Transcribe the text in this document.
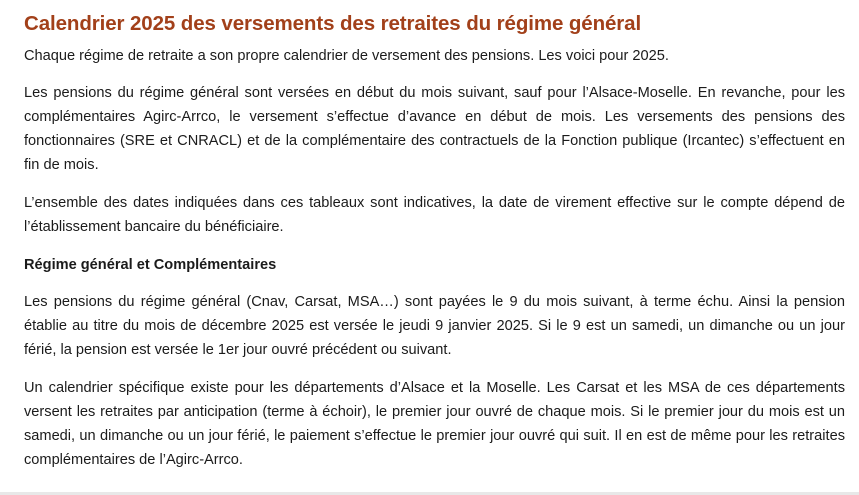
Calendrier 2025 des versements des retraites du régime général

Chaque régime de retraite a son propre calendrier de versement des pensions. Les voici pour 2025.

Les pensions du régime général sont versées en début du mois suivant, sauf pour l’Alsace-Moselle. En revanche, pour les complémentaires Agirc-Arrco, le versement s’effectue d’avance en début de mois. Les versements des pensions des fonctionnaires (SRE et CNRACL) et de la complémentaire des contractuels de la Fonction publique (Ircantec) s’effectuent en fin de mois.

L’ensemble des dates indiquées dans ces tableaux sont indicatives, la date de virement effective sur le compte dépend de l’établissement bancaire du bénéficiaire.

Régime général et Complémentaires

Les pensions du régime général (Cnav, Carsat, MSA…) sont payées le 9 du mois suivant, à terme échu. Ainsi la pension établie au titre du mois de décembre 2025 est versée le jeudi 9 janvier 2025. Si le 9 est un samedi, un dimanche ou un jour férié, la pension est versée le 1er jour ouvré précédent ou suivant.

Un calendrier spécifique existe pour les départements d’Alsace et la Moselle. Les Carsat et les MSA de ces départements versent les retraites par anticipation (terme à échoir), le premier jour ouvré de chaque mois. Si le premier jour du mois est un samedi, un dimanche ou un jour férié, le paiement s’effectue le premier jour ouvré qui suit. Il en est de même pour les retraites complémentaires de l’Agirc-Arrco.
